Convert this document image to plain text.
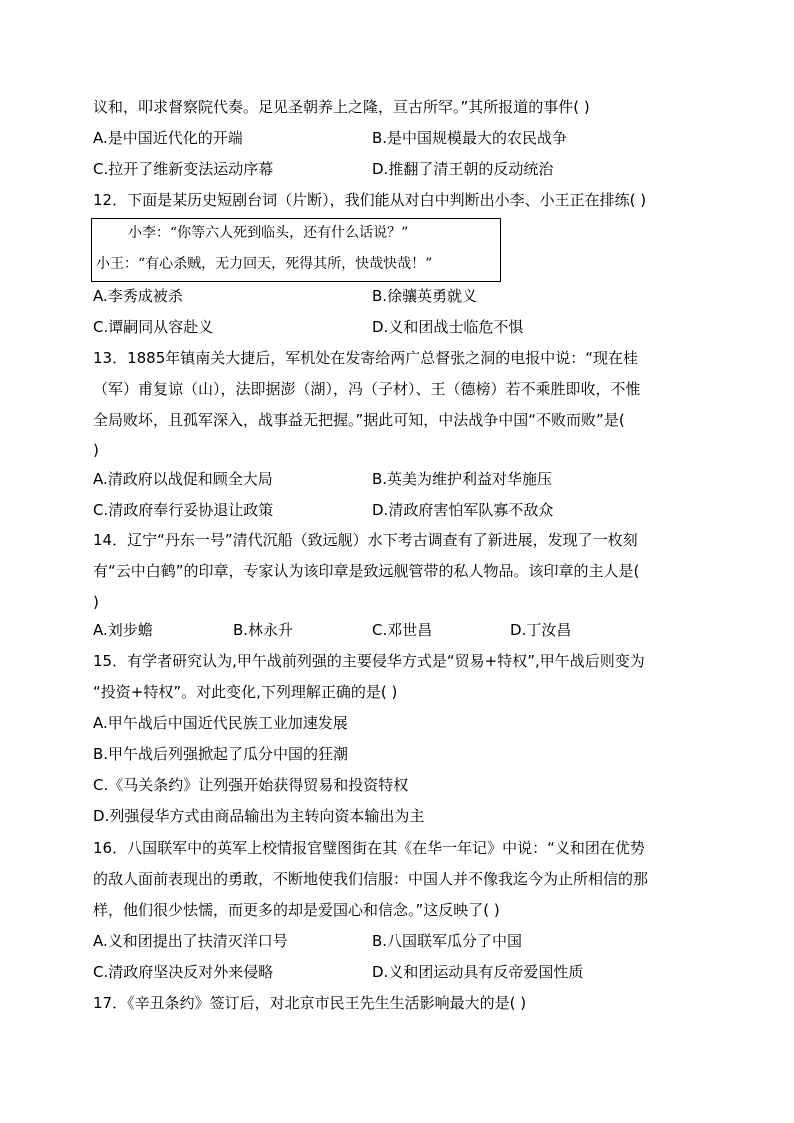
议和，叩求督察院代奏。足见圣朝养上之隆，亘古所罕。”其所报道的事件( )
A.是中国近代化的开端	B.是中国规模最大的农民战争
C.拉开了维新变法运动序幕	D.推翻了清王朝的反动统治
12．下面是某历史短剧台词（片断），我们能从对白中判断出小李、小王正在排练( )
小李：“你等六人死到临头，还有什么话说？”
小王：“有心杀贼，无力回天，死得其所，快哉快哉！”
A.李秀成被杀	B.徐骧英勇就义
C.谭嗣同从容赴义	D.义和团战士临危不惧
13．1885年镇南关大捷后，军机处在发寄给两广总督张之洞的电报中说：“现在桂
（军）甫复谅（山），法即据澎（湖），冯（子材）、王（德榜）若不乘胜即收，不惟
全局败坏，且孤军深入，战事益无把握。”据此可知，中法战争中国“不败而败”是(
)
A.清政府以战促和顾全大局	B.英美为维护利益对华施压
C.清政府奉行妥协退让政策	D.清政府害怕军队寡不敌众
14．辽宁“丹东一号”清代沉船（致远舰）水下考古调查有了新进展，发现了一枚刻
有“云中白鹤”的印章，专家认为该印章是致远舰管带的私人物品。该印章的主人是(
)
A.刘步蟾	B.林永升	C.邓世昌	D.丁汝昌
15．有学者研究认为,甲午战前列强的主要侵华方式是“贸易+特权”,甲午战后则变为
“投资+特权”。对此变化,下列理解正确的是( )
A.甲午战后中国近代民族工业加速发展
B.甲午战后列强掀起了瓜分中国的狂潮
C.《马关条约》让列强开始获得贸易和投资特权
D.列强侵华方式由商品输出为主转向资本输出为主
16．八国联军中的英军上校情报官璧图街在其《在华一年记》中说：“义和团在优势
的敌人面前表现出的勇敢，不断地使我们信服：中国人并不像我迄今为止所相信的那
样，他们很少怯懦，而更多的却是爱国心和信念。”这反映了( )
A.义和团提出了扶清灭洋口号	B.八国联军瓜分了中国
C.清政府坚决反对外来侵略	D.义和团运动具有反帝爱国性质
17．《辛丑条约》签订后，对北京市民王先生生活影响最大的是( )
